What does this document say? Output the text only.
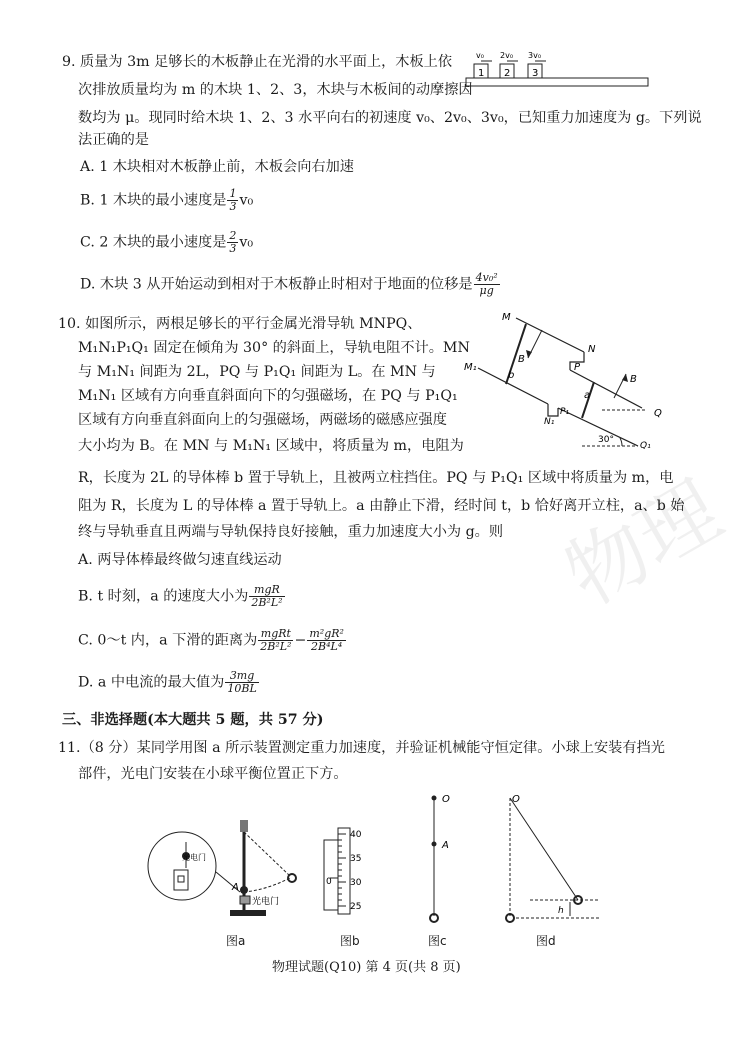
物理
9. 质量为 3m 足够长的木板静止在光滑的水平面上，木板上依
次排放质量均为 m 的木块 1、2、3，木块与木板间的动摩擦因
数均为 μ。现同时给木块 1、2、3 水平向右的初速度 v₀、2v₀、3v₀，已知重力加速度为 g。下列说
法正确的是
1 2 3
v₀ 2v₀ 3v₀
A. 1 木块相对木板静止前，木板会向右加速
B. 1 木块的最小速度是 $\frac{1}{3} v_0$
C. 2 木块的最小速度是 $\frac{2}{3} v_0$
D. 木块 3 从开始运动到相对于木板静止时相对于地面的位移是 $\frac{\text{4v₀²}}{\mu g}$
10. 如图所示，两根足够长的平行金属光滑导轨 MNPQ、
M₁N₁P₁Q₁ 固定在倾角为 30° 的斜面上，导轨电阻不计。MN
与 M₁N₁ 间距为 2L，PQ 与 P₁Q₁ 间距为 L。在 MN 与
M₁N₁ 区域有方向垂直斜面向下的匀强磁场，在 PQ 与 P₁Q₁
区域有方向垂直斜面向上的匀强磁场，两磁场的磁感应强度
大小均为 B。在 MN 与 M₁N₁ 区域中，将质量为 m，电阻为
R，长度为 2L 的导体棒 b 置于导轨上，且被两立柱挡住。PQ 与 P₁Q₁ 区域中将质量为 m，电
阻为 R，长度为 L 的导体棒 a 置于导轨上。a 由静止下滑，经时间 t，b 恰好离开立柱，a、b 始
终与导轨垂直且两端与导轨保持良好接触，重力加速度大小为 g。则
M
M₁
N
N₁
P
P₁	Q
Q₁
a
b
B
B
30°
A. 两导体棒最终做匀速直线运动
B. t 时刻，a 的速度大小为 $\frac{\text{mgR}}{\text{2B²L²}}$
C. 0～t 内，a 下滑的距离为 $\frac{\text{mgRt}}{\text{2B²L²}} - \frac{\text{m²gR²}}{\text{2B⁴L⁴}}$
D. a 中电流的最大值为 $\frac{3mg}{10BL}$
三、非选择题(本大题共 5 题，共 57 分)
11.（8 分）某同学用图 a 所示装置测定重力加速度，并验证机械能守恒定律。小球上安装有挡光
部件，光电门安装在小球平衡位置正下方。
光电门
A
光电门
图a
40
35
30
25
0
图b
O
A
图c
O
h
图d
物理试题(Q10) 第 4 页(共 8 页)
